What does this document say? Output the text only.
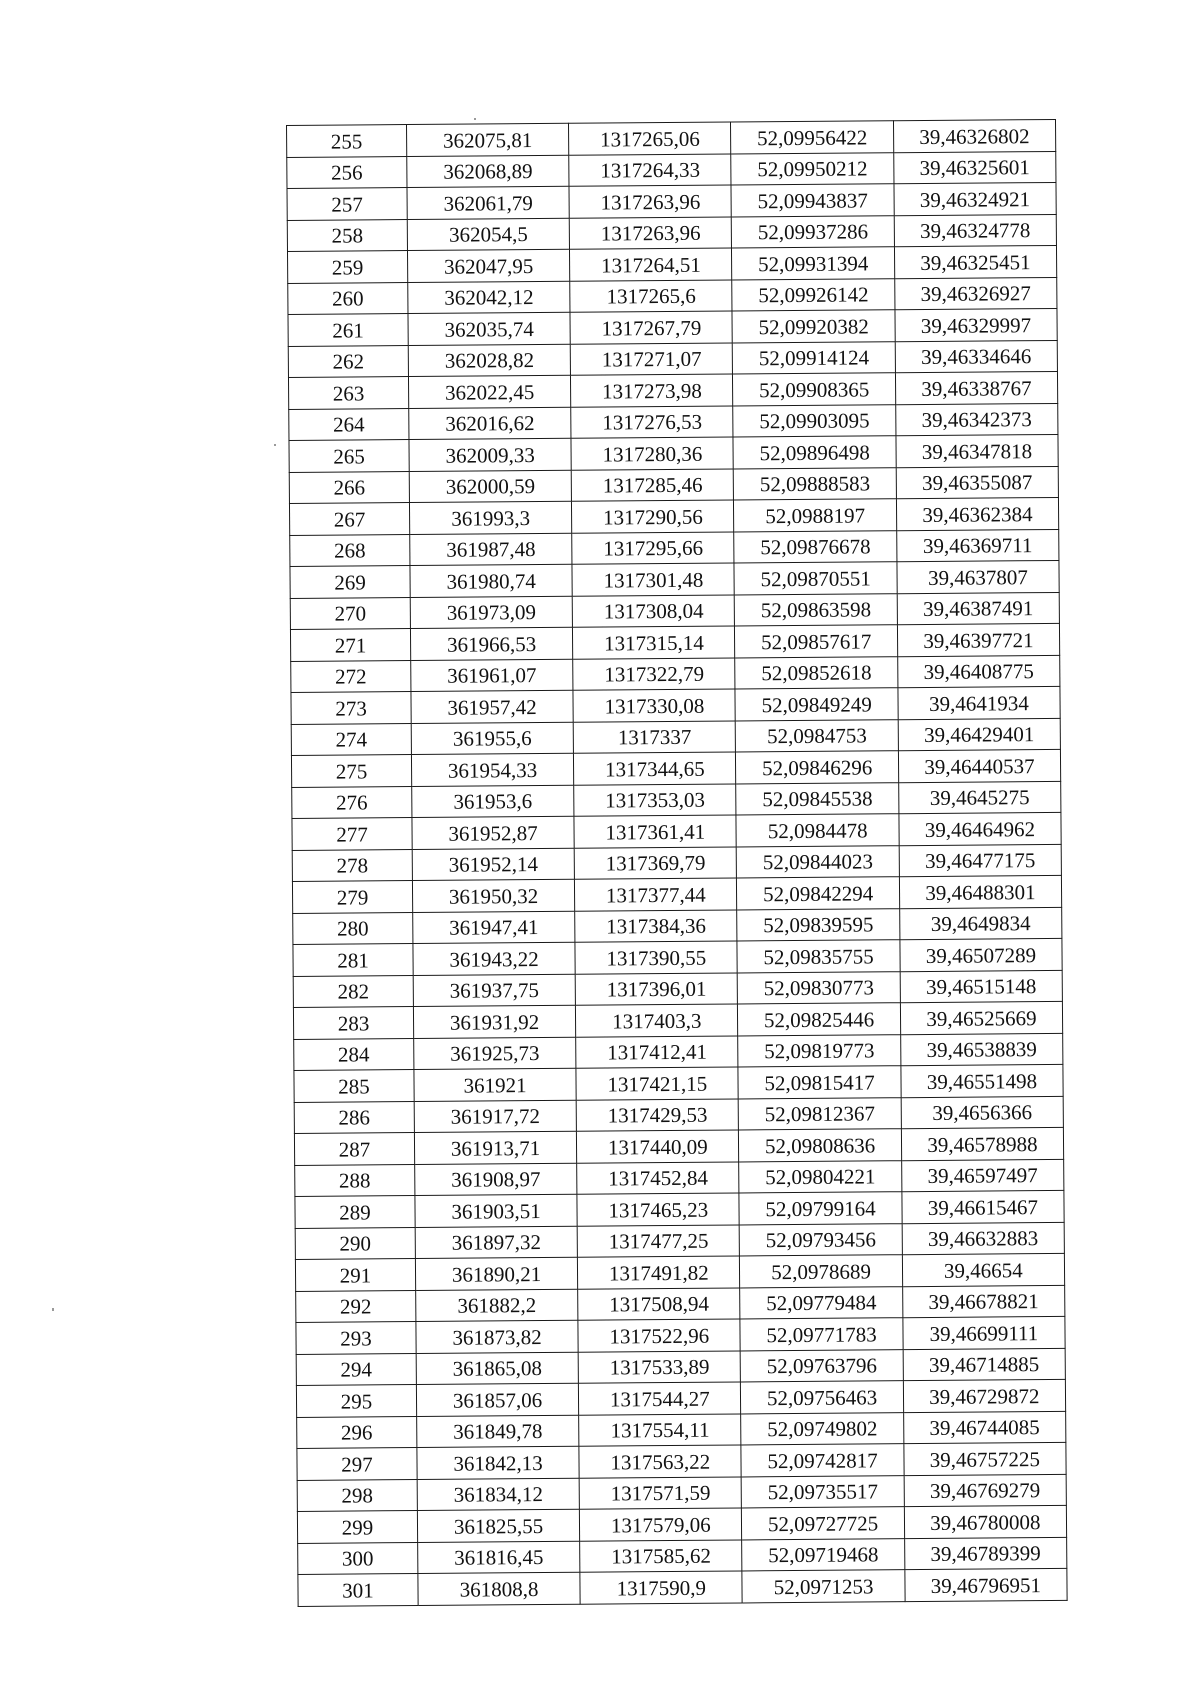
255	362075,81	1317265,06	52,09956422	39,46326802
256	362068,89	1317264,33	52,09950212	39,46325601
257	362061,79	1317263,96	52,09943837	39,46324921
258	362054,5	1317263,96	52,09937286	39,46324778
259	362047,95	1317264,51	52,09931394	39,46325451
260	362042,12	1317265,6	52,09926142	39,46326927
261	362035,74	1317267,79	52,09920382	39,46329997
262	362028,82	1317271,07	52,09914124	39,46334646
263	362022,45	1317273,98	52,09908365	39,46338767
264	362016,62	1317276,53	52,09903095	39,46342373
265	362009,33	1317280,36	52,09896498	39,46347818
266	362000,59	1317285,46	52,09888583	39,46355087
267	361993,3	1317290,56	52,0988197	39,46362384
268	361987,48	1317295,66	52,09876678	39,46369711
269	361980,74	1317301,48	52,09870551	39,4637807
270	361973,09	1317308,04	52,09863598	39,46387491
271	361966,53	1317315,14	52,09857617	39,46397721
272	361961,07	1317322,79	52,09852618	39,46408775
273	361957,42	1317330,08	52,09849249	39,4641934
274	361955,6	1317337	52,0984753	39,46429401
275	361954,33	1317344,65	52,09846296	39,46440537
276	361953,6	1317353,03	52,09845538	39,4645275
277	361952,87	1317361,41	52,0984478	39,46464962
278	361952,14	1317369,79	52,09844023	39,46477175
279	361950,32	1317377,44	52,09842294	39,46488301
280	361947,41	1317384,36	52,09839595	39,4649834
281	361943,22	1317390,55	52,09835755	39,46507289
282	361937,75	1317396,01	52,09830773	39,46515148
283	361931,92	1317403,3	52,09825446	39,46525669
284	361925,73	1317412,41	52,09819773	39,46538839
285	361921	1317421,15	52,09815417	39,46551498
286	361917,72	1317429,53	52,09812367	39,4656366
287	361913,71	1317440,09	52,09808636	39,46578988
288	361908,97	1317452,84	52,09804221	39,46597497
289	361903,51	1317465,23	52,09799164	39,46615467
290	361897,32	1317477,25	52,09793456	39,46632883
291	361890,21	1317491,82	52,0978689	39,46654
292	361882,2	1317508,94	52,09779484	39,46678821
293	361873,82	1317522,96	52,09771783	39,46699111
294	361865,08	1317533,89	52,09763796	39,46714885
295	361857,06	1317544,27	52,09756463	39,46729872
296	361849,78	1317554,11	52,09749802	39,46744085
297	361842,13	1317563,22	52,09742817	39,46757225
298	361834,12	1317571,59	52,09735517	39,46769279
299	361825,55	1317579,06	52,09727725	39,46780008
300	361816,45	1317585,62	52,09719468	39,46789399
301	361808,8	1317590,9	52,0971253	39,46796951
